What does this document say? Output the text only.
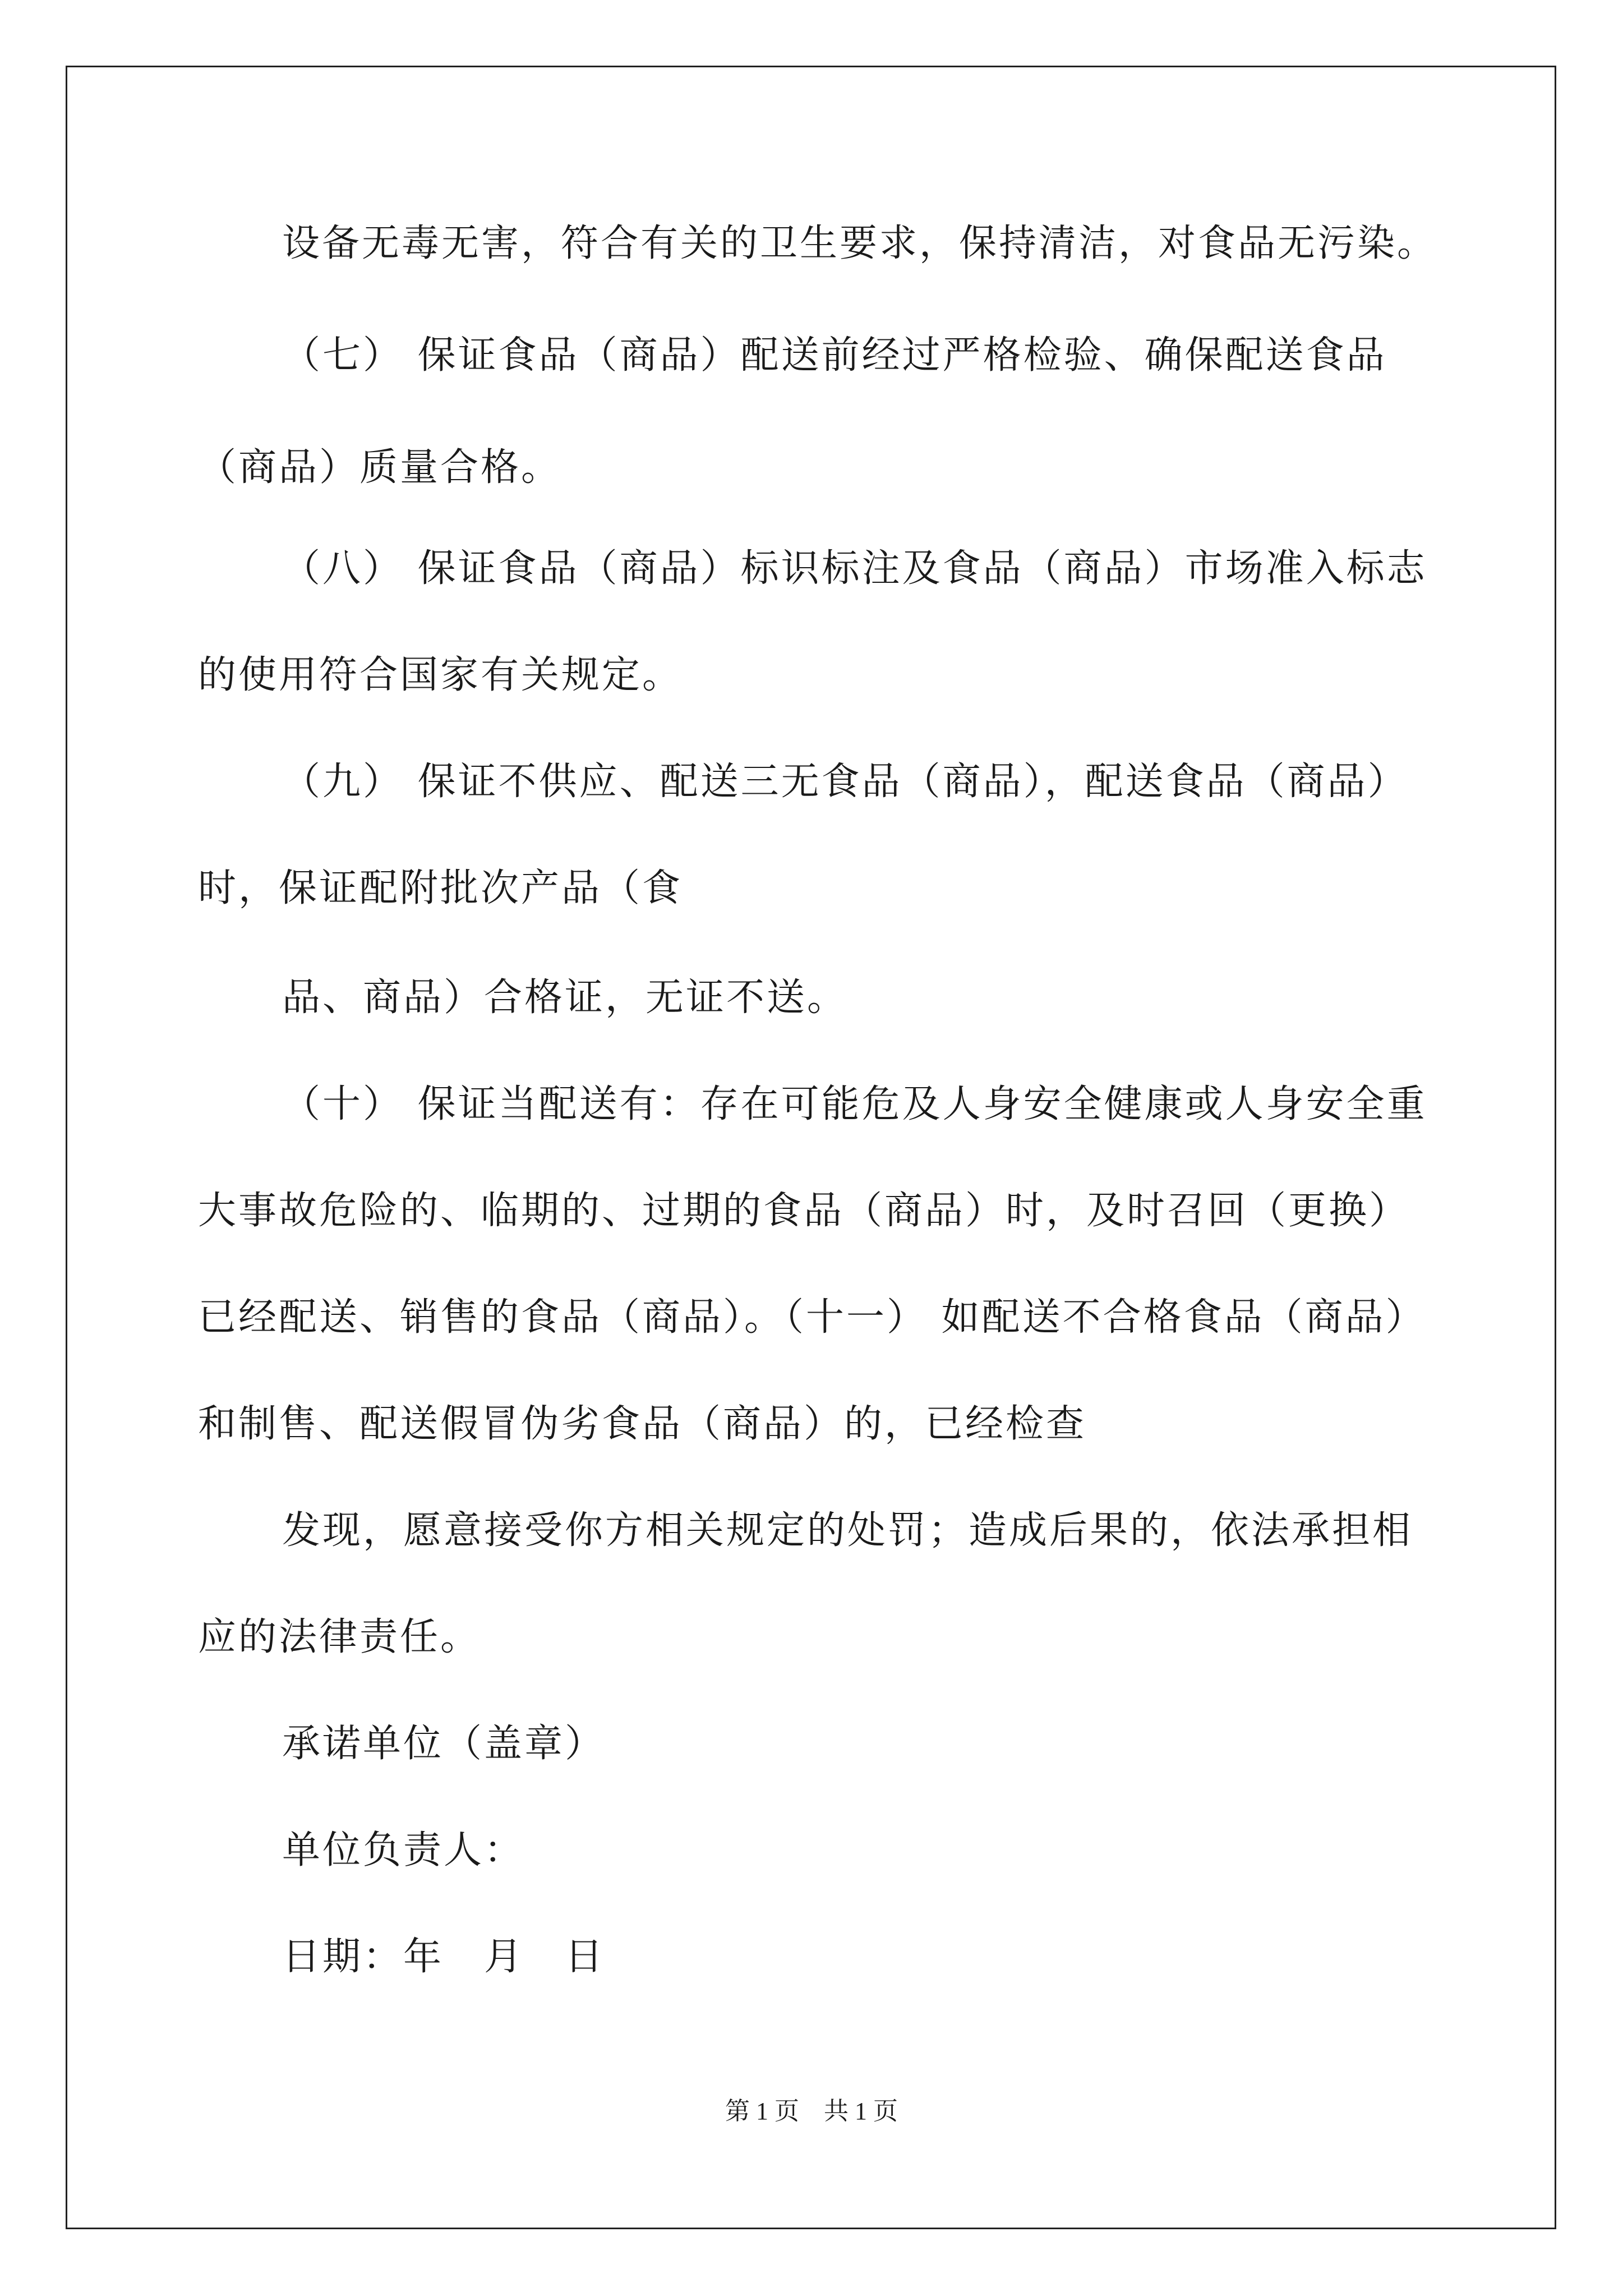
设备无毒无害，符合有关的卫生要求，保持清洁，对食品无污染。
（七） 保证食品（商品）配送前经过严格检验、确保配送食品
（商品）质量合格。
（八） 保证食品（商品）标识标注及食品（商品）市场准入标志
的使用符合国家有关规定。
（九） 保证不供应、配送三无食品（商品），配送食品（商品）
时，保证配附批次产品（食
品、商品）合格证，无证不送。
（十） 保证当配送有：存在可能危及人身安全健康或人身安全重
大事故危险的、临期的、过期的食品（商品）时，及时召回（更换）
已经配送、销售的食品（商品）。（十一） 如配送不合格食品（商品）
和制售、配送假冒伪劣食品（商品）的，已经检查
发现，愿意接受你方相关规定的处罚；造成后果的，依法承担相
应的法律责任。
承诺单位（盖章）
单位负责人：
日期：年　月　日
第 1 页　共 1 页
